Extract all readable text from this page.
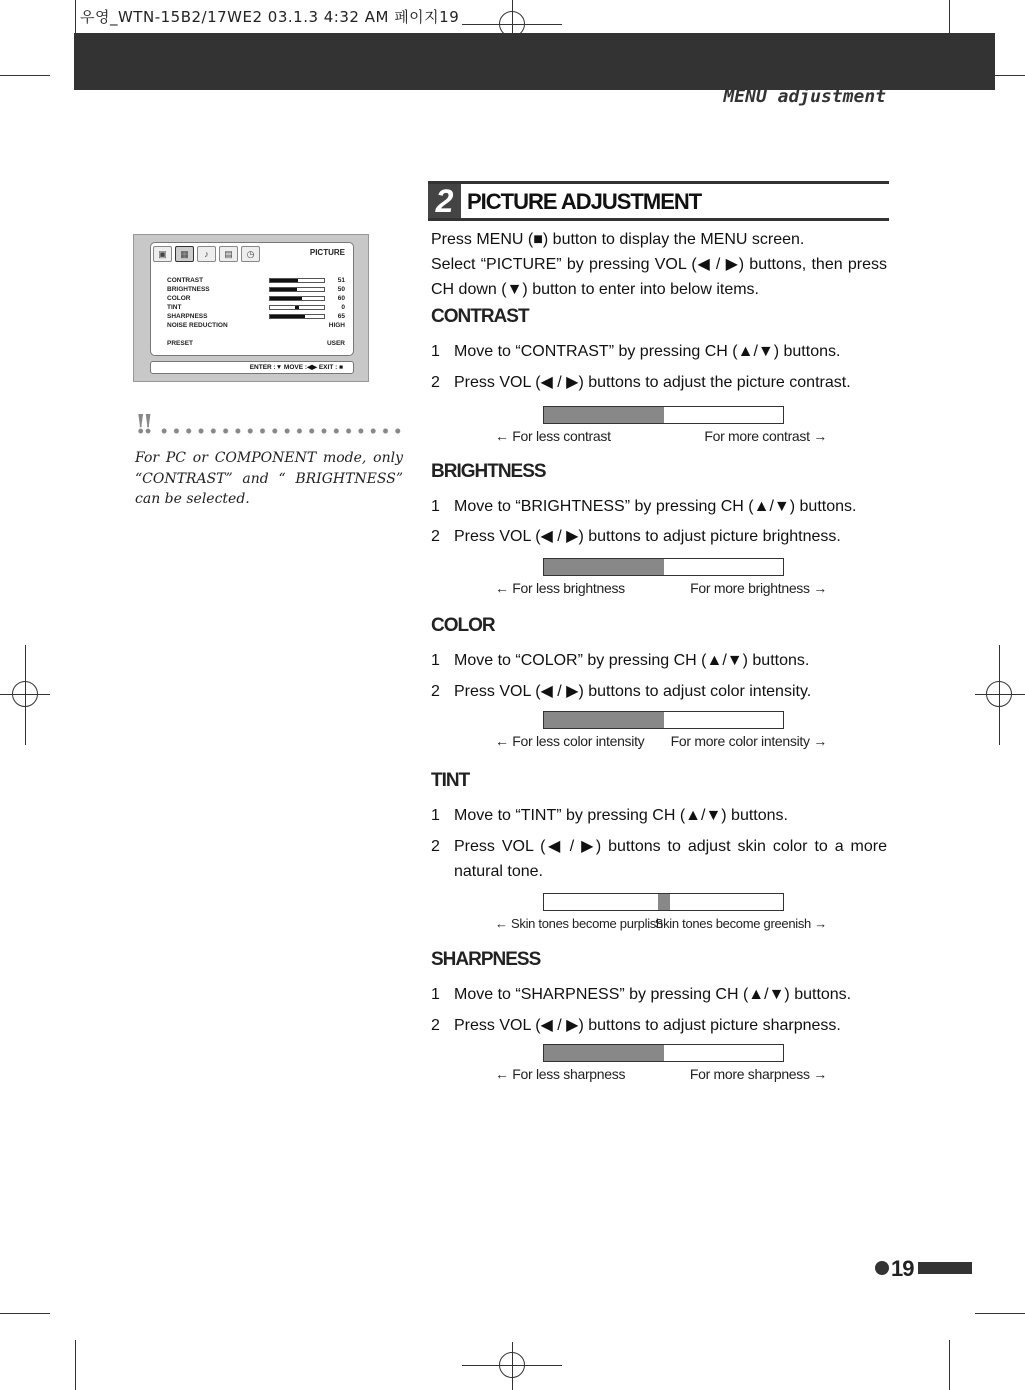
우영_WTN-15B2/17WE2 03.1.3 4:32 AM 페이지19
MENU adjustment
▣	▦	♪	▤	◷	PICTURE
CONTRAST	51
BRIGHTNESS	50
COLOR	60
TINT	0
SHARPNESS	65
NOISE REDUCTION	HIGH
PRESET	USER
ENTER :▼ MOVE :◀▶ EXIT : ■
!!
For PC or COMPONENT mode, only “CONTRAST” and “ BRIGHTNESS” can be selected.
2 PICTURE ADJUSTMENT
Press MENU (■) button to display the MENU screen.
Select “PICTURE” by pressing VOL (◀ / ▶) buttons, then press CH down (▼) button to enter into below items.
CONTRAST
1 Move to “CONTRAST” by pressing CH (▲/▼) buttons.
2 Press VOL (◀ / ▶) buttons to adjust the picture contrast.
← For less contrast	For more contrast →
BRIGHTNESS
1 Move to “BRIGHTNESS” by pressing CH (▲/▼) buttons.
2 Press VOL (◀ / ▶) buttons to adjust picture brightness.
← For less brightness	For more brightness →
COLOR
1 Move to “COLOR” by pressing CH (▲/▼) buttons.
2 Press VOL (◀ / ▶) buttons to adjust color intensity.
← For less color intensity For more color intensity →
TINT
1 Move to “TINT” by pressing CH (▲/▼) buttons.
2 Press VOL (◀ / ▶) buttons to adjust skin color to a more natural tone.
← Skin tones become purplish
Skin tones become greenish →
SHARPNESS
1 Move to “SHARPNESS” by pressing CH (▲/▼) buttons.
2 Press VOL (◀ / ▶) buttons to adjust picture sharpness.
← For less sharpness	For more sharpness →
19
